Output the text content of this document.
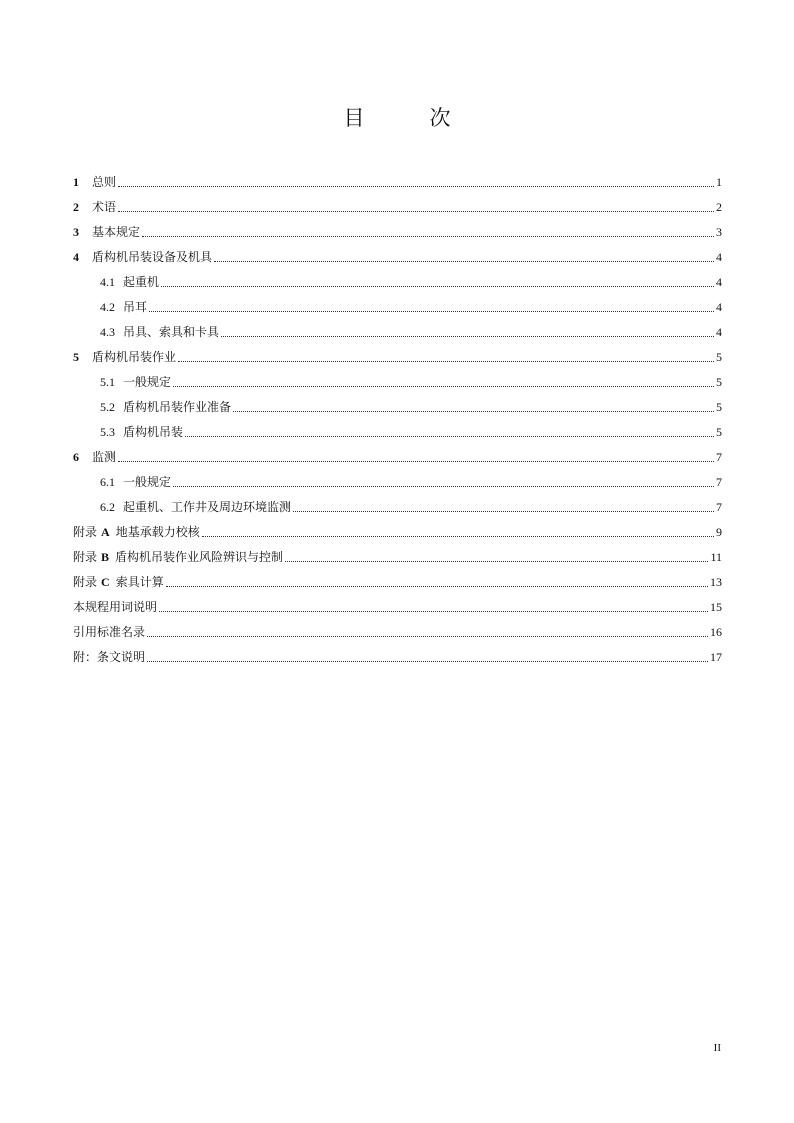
目　次
1	总则	1
2	术语	2
3	基本规定	3
4	盾构机吊装设备及机具	4
4.1 起重机	4
4.2 吊耳	4
4.3 吊具、索具和卡具	4
5	盾构机吊装作业	5
5.1 一般规定	5
5.2 盾构机吊装作业准备	5
5.3 盾构机吊装	5
6	监测	7
6.1 一般规定	7
6.2 起重机、工作井及周边环境监测	7
附录 A 地基承载力校核	9
附录 B 盾构机吊装作业风险辨识与控制	11
附录 C 索具计算	13
本规程用词说明	15
引用标准名录	16
附：条文说明	17
II
